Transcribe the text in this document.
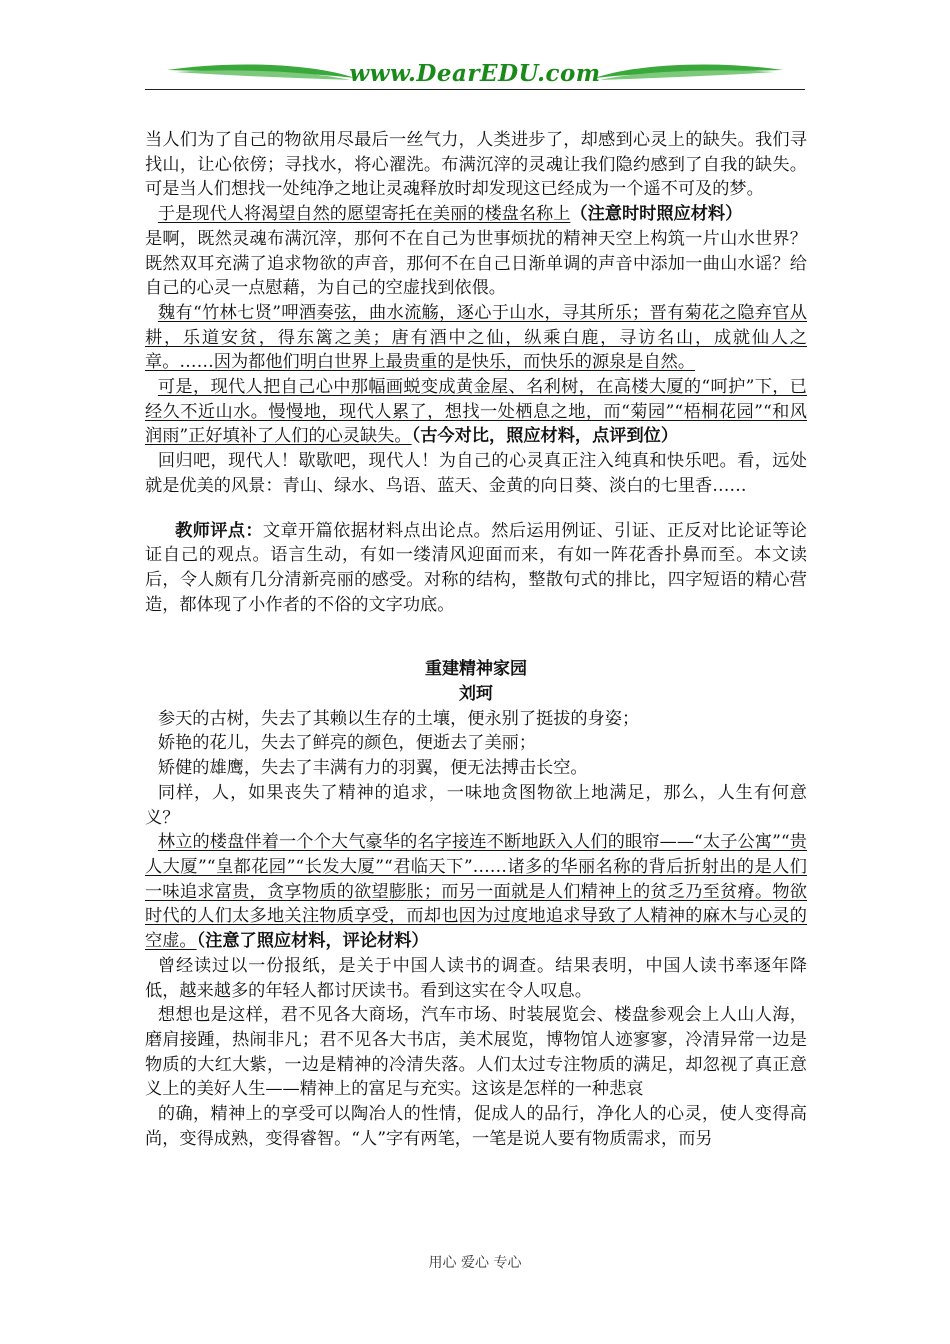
www.DearEDU.com

当人们为了自己的物欲用尽最后一丝气力，人类进步了，却感到心灵上的缺失。我们寻找山，让心依傍；寻找水，将心濯洗。布满沉滓的灵魂让我们隐约感到了自我的缺失。可是当人们想找一处纯净之地让灵魂释放时却发现这已经成为一个遥不可及的梦。

于是现代人将渴望自然的愿望寄托在美丽的楼盘名称上（注意时时照应材料）

是啊，既然灵魂布满沉滓，那何不在自己为世事烦扰的精神天空上构筑一片山水世界？既然双耳充满了追求物欲的声音，那何不在自己日渐单调的声音中添加一曲山水谣？给自己的心灵一点慰藉，为自己的空虚找到依偎。

魏有“竹林七贤”呷酒奏弦，曲水流觞，逐心于山水，寻其所乐；晋有菊花之隐弃官从耕，乐道安贫，得东篱之美；唐有酒中之仙，纵乘白鹿，寻访名山，成就仙人之章。……因为都他们明白世界上最贵重的是快乐，而快乐的源泉是自然。

可是，现代人把自己心中那幅画蜕变成黄金屋、名利树，在高楼大厦的“呵护”下，已经久不近山水。慢慢地，现代人累了，想找一处栖息之地，而“菊园”“梧桐花园”“和风润雨”正好填补了人们的心灵缺失。（古今对比，照应材料，点评到位）

回归吧，现代人！歇歇吧，现代人！为自己的心灵真正注入纯真和快乐吧。看，远处就是优美的风景：青山、绿水、鸟语、蓝天、金黄的向日葵、淡白的七里香……

教师评点：文章开篇依据材料点出论点。然后运用例证、引证、正反对比论证等论证自己的观点。语言生动，有如一缕清风迎面而来，有如一阵花香扑鼻而至。本文读后，令人颇有几分清新亮丽的感受。对称的结构，整散句式的排比，四字短语的精心营造，都体现了小作者的不俗的文字功底。

重建精神家园

刘珂

参天的古树，失去了其赖以生存的土壤，便永别了挺拔的身姿；

娇艳的花儿，失去了鲜亮的颜色，便逝去了美丽；

矫健的雄鹰，失去了丰满有力的羽翼，便无法搏击长空。

同样，人，如果丧失了精神的追求，一味地贪图物欲上地满足，那么，人生有何意义？

林立的楼盘伴着一个个大气豪华的名字接连不断地跃入人们的眼帘——“太子公寓”“贵人大厦”“皇都花园”“长发大厦”“君临天下”……诸多的华丽名称的背后折射出的是人们一味追求富贵，贪享物质的欲望膨胀；而另一面就是人们精神上的贫乏乃至贫瘠。物欲时代的人们太多地关注物质享受，而却也因为过度地追求导致了人精神的麻木与心灵的空虚。（注意了照应材料，评论材料）

曾经读过以一份报纸，是关于中国人读书的调查。结果表明，中国人读书率逐年降低，越来越多的年轻人都讨厌读书。看到这实在令人叹息。

想想也是这样，君不见各大商场，汽车市场、时装展览会、楼盘参观会上人山人海，磨肩接踵，热闹非凡；君不见各大书店，美术展览，博物馆人迹寥寥，冷清异常一边是物质的大红大紫，一边是精神的冷清失落。人们太过专注物质的满足，却忽视了真正意义上的美好人生——精神上的富足与充实。这该是怎样的一种悲哀

的确，精神上的享受可以陶冶人的性情，促成人的品行，净化人的心灵，使人变得高尚，变得成熟，变得睿智。“人”字有两笔，一笔是说人要有物质需求，而另

用心 爱心 专心
